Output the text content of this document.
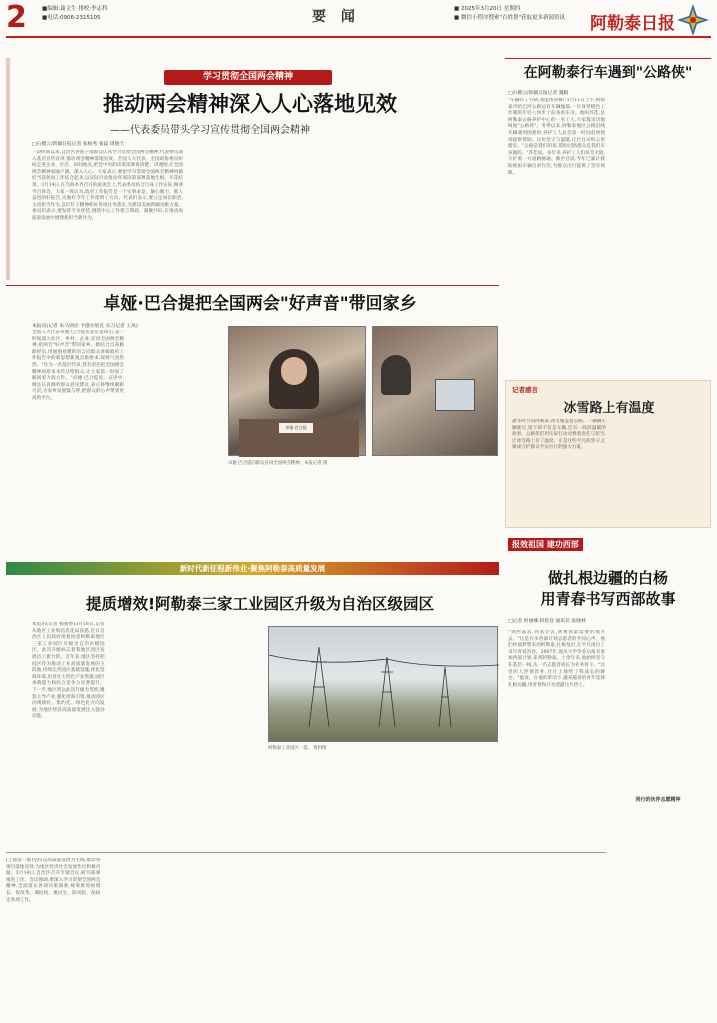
2	■编辑:聂文生 排校:李志科
■电话:0906-2315105	要 闻	■ 2025年3月20日 星期四
■ 微信小程序搜索"百姓帮"获取更多新闻资讯 阿勒泰日报
学习贯彻全国两会精神
推动两会精神深入人心落地见效
——代表委员带头学习宣传贯彻全国两会精神
□石榴云/新疆日报记者 张杨秀 张磊 周晓天
一段时间以来,自治区各族干部群众认真学习贯彻全国两会精神,代表委员深入基层宣传宣讲,推动两会精神落地见效。全国人大代表、全国政协委员纷纷走进企业、社区、田间地头,把党中央的决策部署讲清楚、讲透彻,让全国两会精神家喻户晓、深入人心。大家表示,要把学习贯彻全国两会精神同做好当前各项工作结合起来,以实际行动推动各项决策部署落地生根、开花结果。3月14日,在乌鲁木齐召开的座谈会上,代表委员结合自身工作实际,畅谈学习体会。大家一致认为,政府工作报告是一个实事求是、凝心聚力、催人奋进的好报告,为做好今年工作指明了方向。代表们表示,要立足岗位职责,主动担当作为,以钉钉子精神抓好各项任务落实,为建设美丽新疆贡献力量。委员们表示,要发挥专业优势,围绕中心工作建言资政、凝聚共识,在推动高质量发展中展现新担当新作为。
在阿勒泰行车遇到"公路侠"
□石榴云/新疆日报记者 魏殿
"车辆有了毛病,我能帮你修!"3月11日上午,阿勒泰市哈巴河公路边有车辆抛锚,一位身穿橙色工作服的年轻人快步上前查看车况。他叫苏佳,是阿勒泰公路养护中心的一名工人,大家都亲切地叫他"公路侠"。冬季以来,阿勒泰地区公路沿线车辆遇到困难时,养护工人总会第一时间赶到现场提供帮助。这份坚守与温暖,让过往司机心里踏实。"公路是我们的家,帮助过路群众是我们应该做的。"苏佳说。多年来,养护工人们风雪无阻,守护着一方道路畅通。截至目前,今年已累计救助被困车辆百余台次,为群众出行提供了坚实保障。
记者感言
冰雪路上有温度
凛冬时节的阿勒泰,冰雪覆盖着公路。一辆辆车辆驶过,留下的不仅是车辙,还有一段段温暖的故事。公路侠们用实际行动诠释着责任与担当,让冰雪路上有了温度。正是这些平凡的坚守,汇聚成守护群众平安出行的强大力量。
卓娅·巴合提把全国两会"好声音"带回家乡
本报讯(记者 朱马别克·卡德尔别克 实习记者 王凤)
全国人大代表卓娅·巴合提从北京返回后,第一时间深入社区、乡村、企业,宣讲全国两会精神,把两会"好声音"带回家乡。她结合自身履职经历,用通俗易懂的语言向群众讲解政府工作报告中的新思想新观点新要求,现场气氛热烈。"作为一名基层代表,我有责任把全国两会精神原原本本传达给群众,让大家第一时间了解国家大政方针。"卓娅·巴合提说。宣讲中,她还认真倾听群众意见建议,表示将继续履职尽责,为家乡发展鼓与呼,把群众的心声带到更高的平台。
卓娅·巴合提
卓娅·巴合提向群众宣讲全国两会精神。本报记者 摄
新时代新征程新伟业·聚焦阿勒泰高质量发展
提质增效!阿勒泰三家工业园区升级为自治区级园区
本报讯(记者 杨俊香)3月18日,记者从地区工业和信息化局获悉,近日自治区人民政府批复同意阿勒泰地区三家工业园区升级为自治区级园区。此次升级标志着我地区园区发展迈上新台阶。近年来,地区坚持把园区作为推动工业高质量发展的主阵地,持续完善园区基础设施,优化营商环境,培育壮大特色产业集群,园区承载能力和综合竞争力显著提升。下一步,地区将以此次升级为契机,聚焦主导产业,强化招商引资,推动园区向规模化、集约化、绿色化方向发展,为地区经济高质量发展注入强劲动能。
阿勒泰工业园区一景。 资料图
报效祖国 建功西部
做扎根边疆的白杨
用青春书写西部故事
□记者 阿丽娜·阿依登 通讯员 张晓林
"到西部去,到基层去,到祖国最需要的地方去。"这是许多西部计划志愿者的共同心声。他们怀揣梦想来到阿勒泰,扎根基层,在平凡岗位上书写青春答卷。2007年,他从大学毕业后报名参加西部计划,来到阿勒泰。十余年来,他始终坚守在基层一线,从一名志愿者成长为业务骨干。"这里的人热情淳朴,这片土地给了我成长的舞台。"他说。在他的带动下,越来越多的青年选择扎根边疆,用青春和汗水浇灌这片热土。
同行的伙伴志愿精神
(上接第一版)坚持以高质量发展为主线,推动各项目落地见效,为地区经济社会发展作出积极贡献。3月14日,自治区召开专题会议,研究部署推进工作。会议强调,要深入学习贯彻全国两会精神,全面落实各项决策部署,统筹推进稳增长、促改革、调结构、惠民生、防风险、保稳定各项工作。
